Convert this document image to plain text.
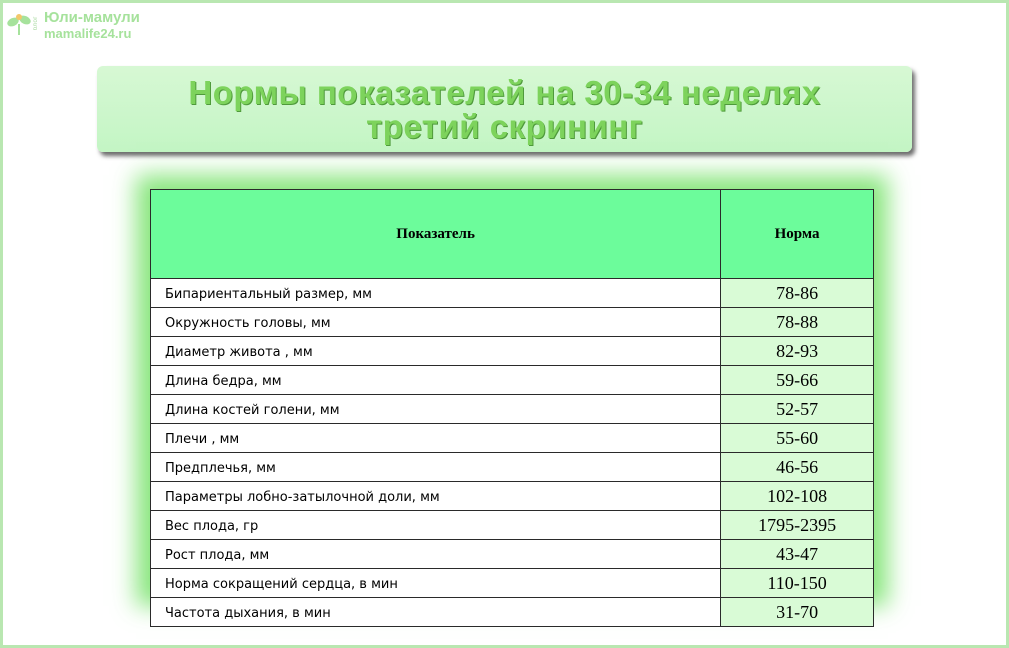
блог Юли-мамули
mamalife24.ru
Нормы показателей на 30-34 неделях
третий скрининг
Показатель	Норма
Бипариентальный размер, мм	78-86
Окружность головы, мм	78-88
Диаметр живота , мм	82-93
Длина бедра, мм	59-66
Длина костей голени, мм	52-57
Плечи , мм	55-60
Предплечья, мм	46-56
Параметры лобно-затылочной доли, мм	102-108
Вес плода, гр	1795-2395
Рост плода, мм	43-47
Норма сокращений сердца, в мин	110-150
Частота дыхания, в мин	31-70
